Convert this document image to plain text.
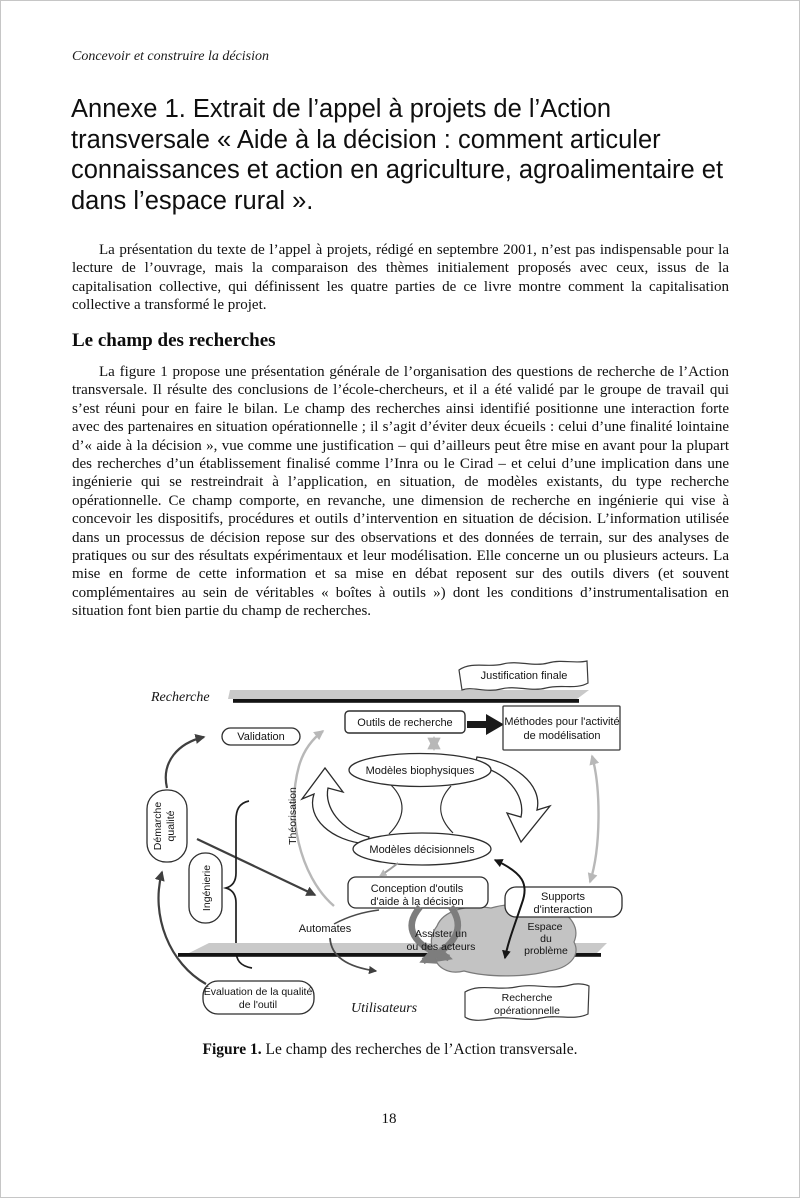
Concevoir et construire la décision
Annexe 1. Extrait de l’appel à projets de l’Action transversale « Aide à la décision : comment articuler connaissances et action en agriculture, agroalimentaire et dans l’espace rural ».
La présentation du texte de l’appel à projets, rédigé en septembre 2001, n’est pas indispensable pour la lecture de l’ouvrage, mais la comparaison des thèmes initialement proposés avec ceux, issus de la capitalisation collective, qui définissent les quatre parties de ce livre montre comment la capitalisation collective a transformé le projet.
Le champ des recherches
La figure 1 propose une présentation générale de l’organisation des questions de recherche de l’Action transversale. Il résulte des conclusions de l’école-chercheurs, et il a été validé par le groupe de travail qui s’est réuni pour en faire le bilan. Le champ des recherches ainsi identifié positionne une interaction forte avec des partenaires en situation opérationnelle ; il s’agit d’éviter deux écueils : celui d’une finalité lointaine d’« aide à la décision », vue comme une justification – qui d’ailleurs peut être mise en avant pour la plupart des recherches d’un établissement finalisé comme l’Inra ou le Cirad – et celui d’une implication dans une ingénierie qui se restreindrait à l’application, en situation, de modèles existants, du type recherche opérationnelle. Ce champ comporte, en revanche, une dimension de recherche en ingénierie qui vise à concevoir les dispositifs, procédures et outils d’intervention en situation de décision. L’information utilisée dans un processus de décision repose sur des observations et des données de terrain, sur des analyses de pratiques ou sur des résultats expérimentaux et leur modélisation. Elle concerne un ou plusieurs acteurs. La mise en forme de cette information et sa mise en débat reposent sur des outils divers (et souvent complémentaires au sein de véritables « boîtes à outils ») dont les conditions d’instrumentalisation en situation font bien partie du champ de recherches.
Justification finale
Recherche
Outils de recherche	Méthodes pour l'activité
de modélisation
Modèles biophysiques
Modèles décisionnels
Validation
Théorisation
Démarche qualité
Ingénierie
Espace
du
problème
Conception d'outils
d'aide à la décision	Supports
d'interaction
Assister un
ou des acteurs
Automates
Évaluation de la qualité
de l'outil	Utilisateurs
Recherche
opérationnelle
Figure 1. Le champ des recherches de l’Action transversale.
18
